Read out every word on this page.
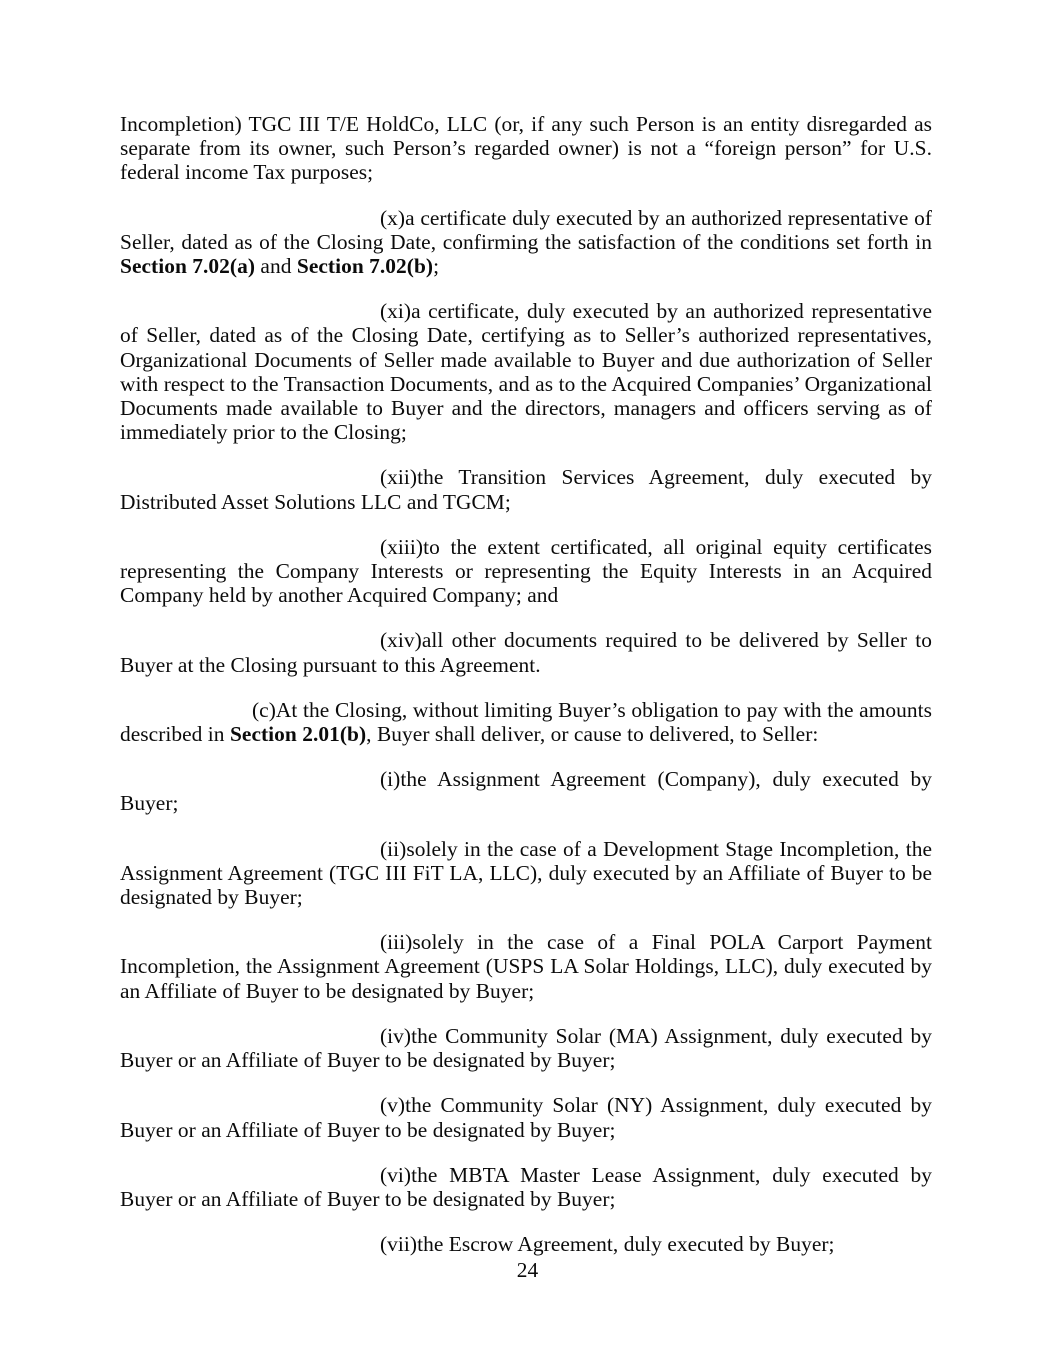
Incompletion) TGC III T/E HoldCo, LLC (or, if any such Person is an entity disregarded as separate from its owner, such Person’s regarded owner) is not a “foreign person” for U.S. federal income Tax purposes;

(x)a certificate duly executed by an authorized representative of Seller, dated as of the Closing Date, confirming the satisfaction of the conditions set forth in Section 7.02(a) and Section 7.02(b);

(xi)a certificate, duly executed by an authorized representative of Seller, dated as of the Closing Date, certifying as to Seller’s authorized representatives, Organizational Documents of Seller made available to Buyer and due authorization of Seller with respect to the Transaction Documents, and as to the Acquired Companies’ Organizational Documents made available to Buyer and the directors, managers and officers serving as of immediately prior to the Closing;

(xii)the Transition Services Agreement, duly executed by Distributed Asset Solutions LLC and TGCM;

(xiii)to the extent certificated, all original equity certificates representing the Company Interests or representing the Equity Interests in an Acquired Company held by another Acquired Company; and

(xiv)all other documents required to be delivered by Seller to Buyer at the Closing pursuant to this Agreement.

(c)At the Closing, without limiting Buyer’s obligation to pay with the amounts described in Section 2.01(b), Buyer shall deliver, or cause to delivered, to Seller:

(i)the Assignment Agreement (Company), duly executed by Buyer;

(ii)solely in the case of a Development Stage Incompletion, the Assignment Agreement (TGC III FiT LA, LLC), duly executed by an Affiliate of Buyer to be designated by Buyer;

(iii)solely in the case of a Final POLA Carport Payment Incompletion, the Assignment Agreement (USPS LA Solar Holdings, LLC), duly executed by an Affiliate of Buyer to be designated by Buyer;

(iv)the Community Solar (MA) Assignment, duly executed by Buyer or an Affiliate of Buyer to be designated by Buyer;

(v)the Community Solar (NY) Assignment, duly executed by Buyer or an Affiliate of Buyer to be designated by Buyer;

(vi)the MBTA Master Lease Assignment, duly executed by Buyer or an Affiliate of Buyer to be designated by Buyer;

(vii)the Escrow Agreement, duly executed by Buyer;

24
